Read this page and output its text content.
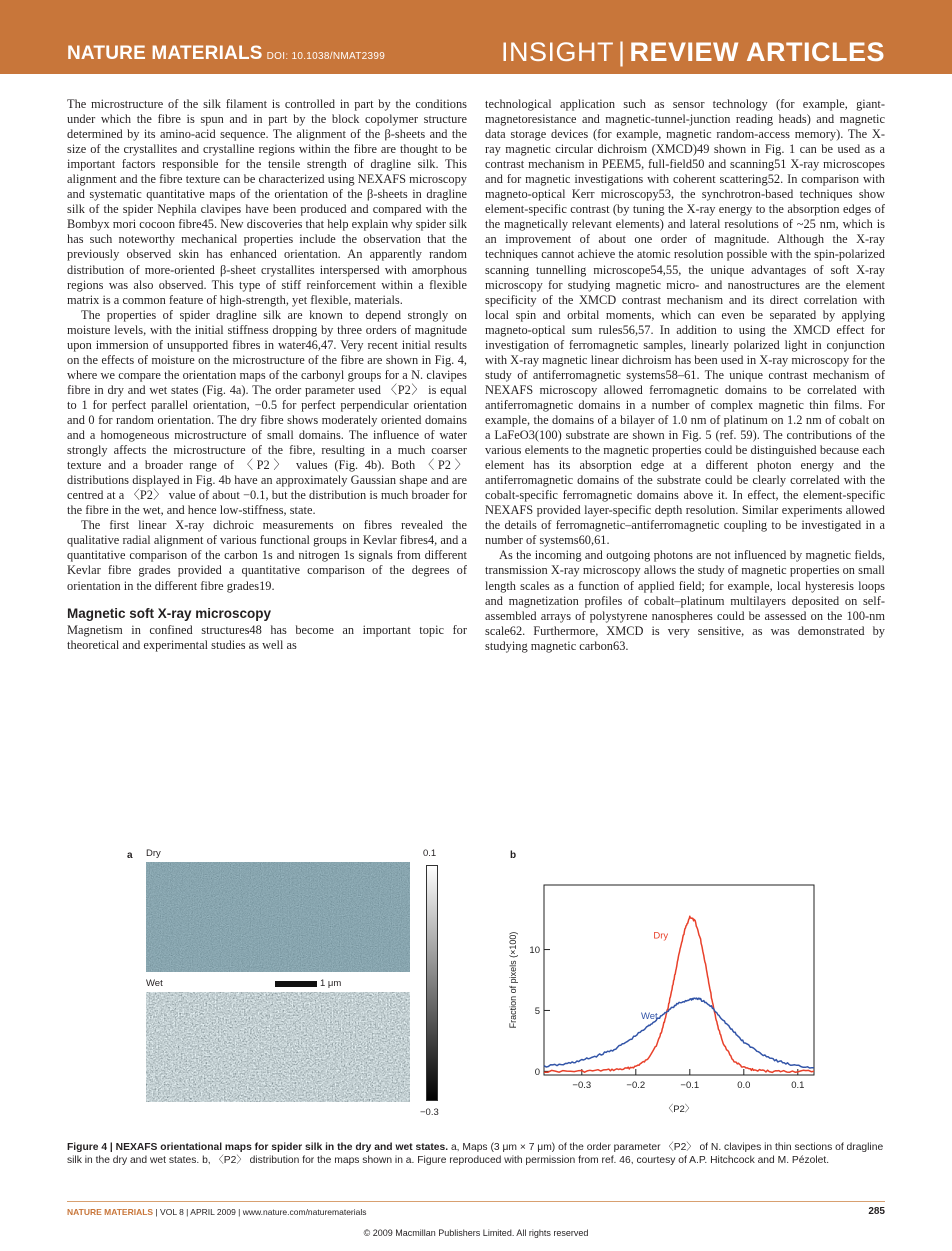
NATURE MATERIALS DOI: 10.1038/NMAT2399	INSIGHT | REVIEW ARTICLES

The microstructure of the silk filament is controlled in part by the conditions under which the fibre is spun and in part by the block copolymer structure determined by its amino-acid sequence. The alignment of the β-sheets and the size of the crystallites and crystalline regions within the fibre are thought to be important factors responsible for the tensile strength of dragline silk. This alignment and the fibre texture can be characterized using NEXAFS microscopy and systematic quantitative maps of the orientation of the β-sheets in dragline silk of the spider Nephila clavipes have been produced and compared with the Bombyx mori cocoon fibre45. New discoveries that help explain why spider silk has such noteworthy mechanical properties include the observation that the previously observed skin has enhanced orientation. An apparently random distribution of more-oriented β-sheet crystallites interspersed with amorphous regions was also observed. This type of stiff reinforcement within a flexible matrix is a common feature of high-strength, yet flexible, materials.

The properties of spider dragline silk are known to depend strongly on moisture levels, with the initial stiffness dropping by three orders of magnitude upon immersion of unsupported fibres in water46,47. Very recent initial results on the effects of moisture on the microstructure of the fibre are shown in Fig. 4, where we compare the orientation maps of the carbonyl groups for a N. clavipes fibre in dry and wet states (Fig. 4a). The order parameter used 〈P2〉 is equal to 1 for perfect parallel orientation, −0.5 for perfect perpendicular orientation and 0 for random orientation. The dry fibre shows moderately oriented domains and a homogeneous microstructure of small domains. The influence of water strongly affects the microstructure of the fibre, resulting in a much coarser texture and a broader range of 〈P2〉 values (Fig. 4b). Both 〈P2〉 distributions displayed in Fig. 4b have an approximately Gaussian shape and are centred at a 〈P2〉 value of about −0.1, but the distribution is much broader for the fibre in the wet, and hence low-stiffness, state.

The first linear X-ray dichroic measurements on fibres revealed the qualitative radial alignment of various functional groups in Kevlar fibres4, and a quantitative comparison of the carbon 1s and nitrogen 1s signals from different Kevlar fibre grades provided a quantitative comparison of the degrees of orientation in the different fibre grades19.

Magnetic soft X-ray microscopy

Magnetism in confined structures48 has become an important topic for theoretical and experimental studies as well as

technological application such as sensor technology (for example, giant-magnetoresistance and magnetic-tunnel-junction reading heads) and magnetic data storage devices (for example, magnetic random-access memory). The X-ray magnetic circular dichroism (XMCD)49 shown in Fig. 1 can be used as a contrast mechanism in PEEM5, full-field50 and scanning51 X-ray microscopes and for magnetic investigations with coherent scattering52. In comparison with magneto-optical Kerr microscopy53, the synchrotron-based techniques show element-specific contrast (by tuning the X-ray energy to the absorption edges of the magnetically relevant elements) and lateral resolutions of ~25 nm, which is an improvement of about one order of magnitude. Although the X-ray techniques cannot achieve the atomic resolution possible with the spin-polarized scanning tunnelling microscope54,55, the unique advantages of soft X-ray microscopy for studying magnetic micro- and nanostructures are the element specificity of the XMCD contrast mechanism and its direct correlation with local spin and orbital moments, which can even be separated by applying magneto-optical sum rules56,57. In addition to using the XMCD effect for investigation of ferromagnetic samples, linearly polarized light in conjunction with X-ray magnetic linear dichroism has been used in X-ray microscopy for the study of antiferromagnetic systems58–61. The unique contrast mechanism of NEXAFS microscopy allowed ferromagnetic domains to be correlated with antiferromagnetic domains in a number of complex magnetic thin films. For example, the domains of a bilayer of 1.0 nm of platinum on 1.2 nm of cobalt on a LaFeO3(100) substrate are shown in Fig. 5 (ref. 59). The contributions of the various elements to the magnetic properties could be distinguished because each element has its absorption edge at a different photon energy and the antiferromagnetic domains of the substrate could be clearly correlated with the cobalt-specific ferromagnetic domains above it. In effect, the element-specific NEXAFS provided layer-specific depth resolution. Similar experiments allowed the details of ferromagnetic–antiferromagnetic coupling to be investigated in a number of systems60,61.

As the incoming and outgoing photons are not influenced by magnetic fields, transmission X-ray microscopy allows the study of magnetic properties on small length scales as a function of applied field; for example, local hysteresis loops and magnetization profiles of cobalt–platinum multilayers deposited on self-assembled arrays of polystyrene nanospheres could be assessed on the 100-nm scale62. Furthermore, XMCD is very sensitive, as was demonstrated by studying magnetic carbon63.

a Dry
Wet	1 μm
0.1
−0.3
b
−0.3	−0.2	−0.1	0.0	0.1
0
5
10
〈P2〉
Fraction of pixels (×100)	Dry
Wet
Figure 4 | NEXAFS orientational maps for spider silk in the dry and wet states. a, Maps (3 μm × 7 μm) of the order parameter 〈P2〉 of N. clavipes in thin sections of dragline silk in the dry and wet states. b, 〈P2〉 distribution for the maps shown in a. Figure reproduced with permission from ref. 46, courtesy of A.P. Hitchcock and M. Pézolet.
NATURE MATERIALS | VOL 8 | APRIL 2009 | www.nature.com/naturematerials	285
© 2009 Macmillan Publishers Limited. All rights reserved
